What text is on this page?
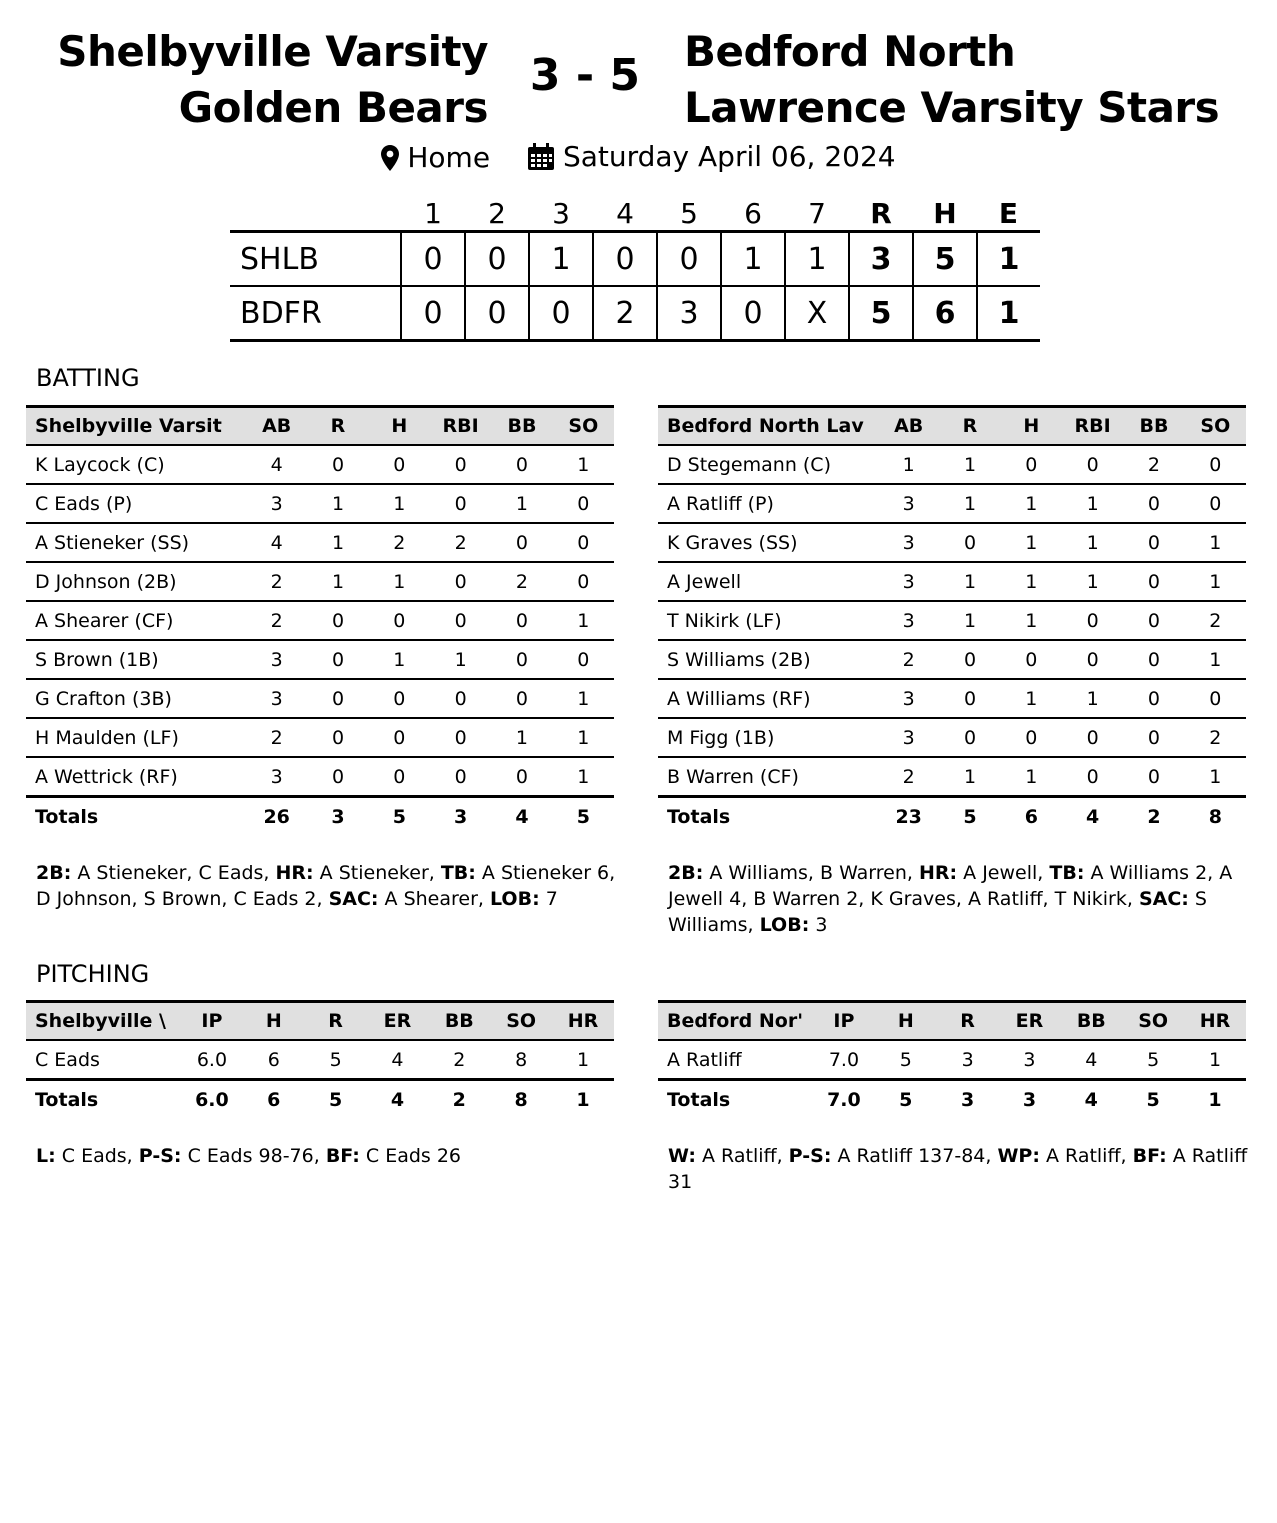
Shelbyville Varsity
Golden Bears
3 - 5	Bedford North
Lawrence Varsity Stars
Home
	Saturday April 06, 2024
	1	2	3	4	5	6	7	R	H	E
SHLB	0	0	1	0	0	1	1	3	5	1
BDFR	0	0	0	2	3	0	X	5	6	1
BATTING
Shelbyville Varsit	AB	R	H	RBI	BB	SO
K Laycock (C)	4	0	0	0	0	1
C Eads (P)	3	1	1	0	1	0
A Stieneker (SS)	4	1	2	2	0	0
D Johnson (2B)	2	1	1	0	2	0
A Shearer (CF)	2	0	0	0	0	1
S Brown (1B)	3	0	1	1	0	0
G Crafton (3B)	3	0	0	0	0	1
H Maulden (LF)	2	0	0	0	1	1
A Wettrick (RF)	3	0	0	0	0	1
Totals	26	3	5	3	4	5
2B: A Stieneker, C Eads, HR: A Stieneker, TB: A Stieneker 6, D Johnson, S Brown, C Eads 2, SAC: A Shearer, LOB: 7
Bedford North Lav	AB	R	H	RBI	BB	SO
D Stegemann (C)	1	1	0	0	2	0
A Ratliff (P)	3	1	1	1	0	0
K Graves (SS)	3	0	1	1	0	1
A Jewell	3	1	1	1	0	1
T Nikirk (LF)	3	1	1	0	0	2
S Williams (2B)	2	0	0	0	0	1
A Williams (RF)	3	0	1	1	0	0
M Figg (1B)	3	0	0	0	0	2
B Warren (CF)	2	1	1	0	0	1
Totals	23	5	6	4	2	8
2B: A Williams, B Warren, HR: A Jewell, TB: A Williams 2, A Jewell 4, B Warren 2, K Graves, A Ratliff, T Nikirk, SAC: S Williams, LOB: 3
PITCHING
Shelbyville \	IP	H	R	ER	BB	SO	HR
C Eads	6.0	6	5	4	2	8	1
Totals	6.0	6	5	4	2	8	1
L: C Eads, P-S: C Eads 98-76, BF: C Eads 26
Bedford Nor'	IP	H	R	ER	BB	SO	HR
A Ratliff	7.0	5	3	3	4	5	1
Totals	7.0	5	3	3	4	5	1
W: A Ratliff, P-S: A Ratliff 137-84, WP: A Ratliff, BF: A Ratliff 31
